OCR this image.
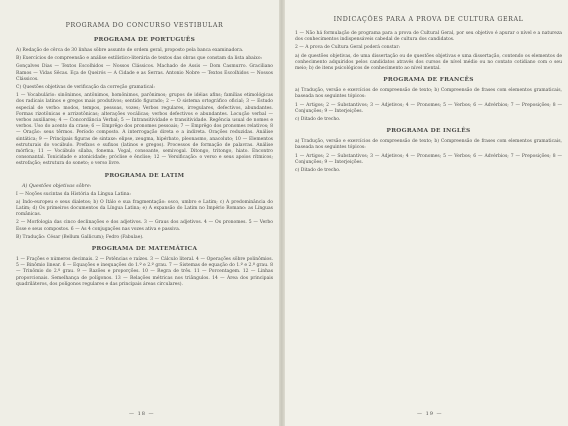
PROGRAMA DO CONCURSO VESTIBULAR
PROGRAMA DE PORTUGUÊS

A) Redação de cêrca de 30 linhas sôbre assunto de ordem geral, proposto pela banca examinadora.

B) Exercícios de compreensão e análise estilístico-literária de textos das obras que constam da lista abaixo:

Gonçalves Dias — Textos Escolhidos — Nossos Clássicos. Machado de Assis — Dom Casmurro. Graciliano Ramos — Vidas Sêcas. Eça de Queirós — A Cidade e as Serras. Antonio Nobre — Textos Escolhidos — Nossos Clássicos.

C) Questões objetivas de verificação da correção gramatical:

1 — Vocabulário: sinônimos, antônimos, homônimos, parônimos; grupos de idéias afins; famílias etimológicas dos radicais latinos e gregos mais produtivos; sentido figurado; 2 — O sistema ortográfico oficial; 3 — Estudo especial de verbo: modos, tempos, pessoas, vozes; Verbos regulares, irregulares, defectivos, abundantes. Formas rizotônicas e arrizotônicas; alterações vocálicas; verbos defectivos e abundantes. Locução verbal — verbos auxiliares; 4 — Concordância Verbal; 5 — Intransitividade e transitividade. Regência usual de nomes e verbos. Uso do acento da crase; 6 — Emprêgo dos pronomes pessoais; 7 — Emprêgo dos pronomes relativos; 8 — Oração: seus têrmos. Período composto. A interrogação direta e a indireta. Orações reduzidas. Análise sintática; 9 — Princípais figuras de sintaxe: elipse, zeugma, hipérbato, pleonasmo, anacoluto; 10 — Elementos estruturais do vocábulo. Prefixos e sufixos (latinos e gregos). Processos de formação de palavras. Análise mórfica; 11 — Vocábulo sílaba, fonema. Vogal, consoante, semivogal. Ditongo, tritongo, hiato. Encontro consonantal. Tonicidade e atonicidade; próclise e ênclise; 12 — Versificação: o verso e seus apoios rítmicos; estrofação; estrutura do soneto; o verso livre.

PROGRAMA DE LATIM
A) Questões objetivas sôbre:

I — Noções sucintas da História da Língua Latina:

a) Indo-europeu e seus dialetos; b) O Itálo e sua fragmentação: osco, umbro e Latim; c) A predominância do Latim; d) Os primeiros documentos da Língua Latina; e) A expansão do Latim no Império Romano: as Línguas românicas.

2 — Morfologia das cinco declinações e dos adjetivos. 3 — Graus dos adjetivos. 4 — Os pronomes. 5 — Verbo Esse e seus compostos. 6 — As 4 conjugações nas vozes ativa e passiva.

B) Tradução: César (Bellum Gallicum); Fedro (Fabulae).

PROGRAMA DE MATEMÁTICA

1 — Frações e números decimais. 2 — Potências e raízes. 3 — Cálculo literal. 4 — Operações sôbre polinômios. 5 — Binômio linear. 6 — Equações e inequações do 1.º e 2.º grau. 7 — Sistemas de equação do 1.º e 2.º grau. 8 — Trinômio do 2.º grau. 9 — Razões e proporções. 10 — Regra de três. 11 — Porcentagem. 12 — Linhas proporcionais. Semelhança de polígonos. 13 — Relações métricas nos triângulos. 14 — Área dos principais quadriláteros, dos polígonos regulares e das principais áreas circulares).

— 18 —
INDICAÇÕES PARA A PROVA DE CULTURA GERAL

1 — Não há formulação de programa para a prova de Cultural Geral, por seu objetivo é apurar o nível e a natureza dos conhecimentos indispensáveis cabedal de cultura dos candidatos.

2 — A prova de Cultura Geral poderá constar:

a) de questões objetivas, de uma dissertação ou de questões objetivas e uma dissertação, contendo os elementos de conhecimento adquiridos pelos candidatos através dos cursos de nível médio ou no contato cotidiano com o seu meio; b) de itens psicológicos de conhecimento ao nível mental.

PROGRAMA DE FRANCÊS

a) Tradução, versão e exercícios de compreensão de texto; b) Compreensão de frases com elementos gramaticais, baseada nos seguintes tópicos:

1 — Artigos; 2 — Substantivos; 3 — Adjetivos; 4 — Pronomes; 5 — Verbos; 6 — Advérbios; 7 — Preposições; 8 — Conjunções; 9 — Interjeições.

c) Ditado de trecho.

PROGRAMA DE INGLÊS

a) Tradução, versão e exercícios de compreensão de texto; b) Compreensão de frases com elementos gramaticais, baseada nos seguintes tópicos:

1 — Artigos; 2 — Substantivos; 3 — Adjetivos; 4 — Pronomes; 5 — Verbos; 6 — Advérbios; 7 — Preposições; 8 — Conjunções; 9 — Interjeições.

c) Ditado de trecho.

— 19 —
